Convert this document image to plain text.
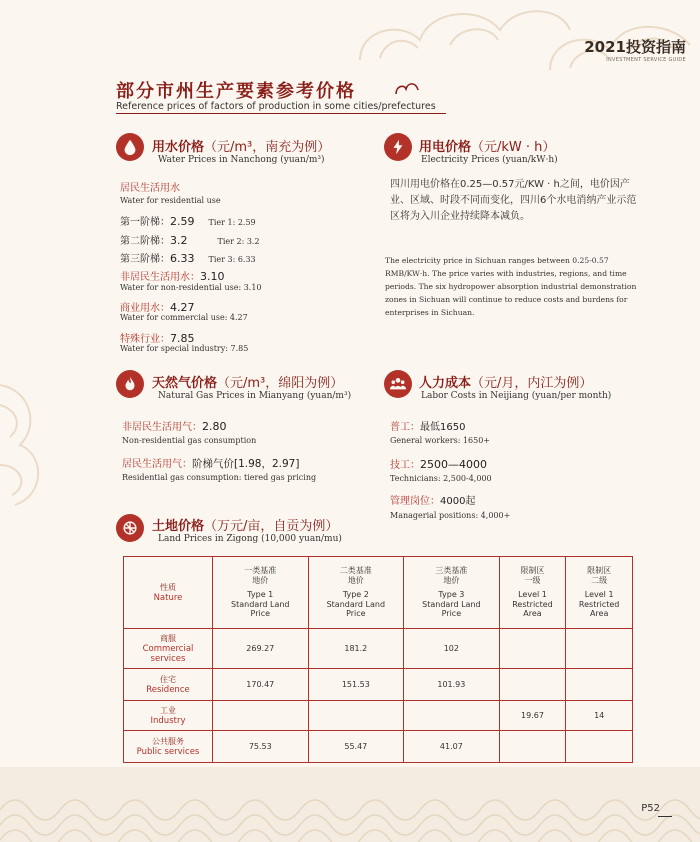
2021投资指南
INVESTMENT SERVICE GUIDE
部分市州生产要素参考价格
Reference prices of factors of production in some cities/prefectures
用水价格（元/m³，南充为例）
Water Prices in Nanchong (yuan/m³)
居民生活用水
Water for residential use
第一阶梯：2.59 Tier 1: 2.59
第二阶梯：3.2	Tier 2: 3.2
第三阶梯：6.33 Tier 3: 6.33
非居民生活用水：3.10
Water for non-residential use: 3.10
商业用水：4.27
Water for commercial use: 4.27
特殊行业：7.85
Water for special industry: 7.85
用电价格（元/kW · h）
Electricity Prices (yuan/kW·h)
四川用电价格在0.25—0.57元/KW · h之间，电价因产业、区域、时段不同而变化，四川6个水电消纳产业示范区将为入川企业持续降本减负。
The electricity price in Sichuan ranges between 0.25-0.57 RMB/KW·h. The price varies with industries, regions, and time periods. The six hydropower absorption industrial demonstration zones in Sichuan will continue to reduce costs and burdens for enterprises in Sichuan.
天然气价格（元/m³，绵阳为例）
Natural Gas Prices in Mianyang (yuan/m³)
非居民生活用气：2.80
Non-residential gas consumption
居民生活用气：阶梯气价[1.98，2.97]
Residential gas consumption: tiered gas pricing
人力成本（元/月，内江为例）
Labor Costs in Neijiang (yuan/per month)
普工：最低1650
General workers: 1650+
技工：2500—4000
Technicians: 2,500-4,000
管理岗位：4000起
Managerial positions: 4,000+
土地价格（万元/亩，自贡为例）
Land Prices in Zigong (10,000 yuan/mu)
性质
Nature	一类基准
地价
Type 1
Standard Land
Price	二类基准
地价
Type 2
Standard Land
Price	三类基准
地价
Type 3
Standard Land
Price	限制区
一级
Level 1
Restricted
Area	限制区
二级
Level 1
Restricted
Area

商服
Commercial
services	269.27	181.2	102		

住宅
Residence	170.47	151.53	101.93		

工业
Industry				19.67	14

公共服务
Public services	75.53	55.47	41.07		
P52
